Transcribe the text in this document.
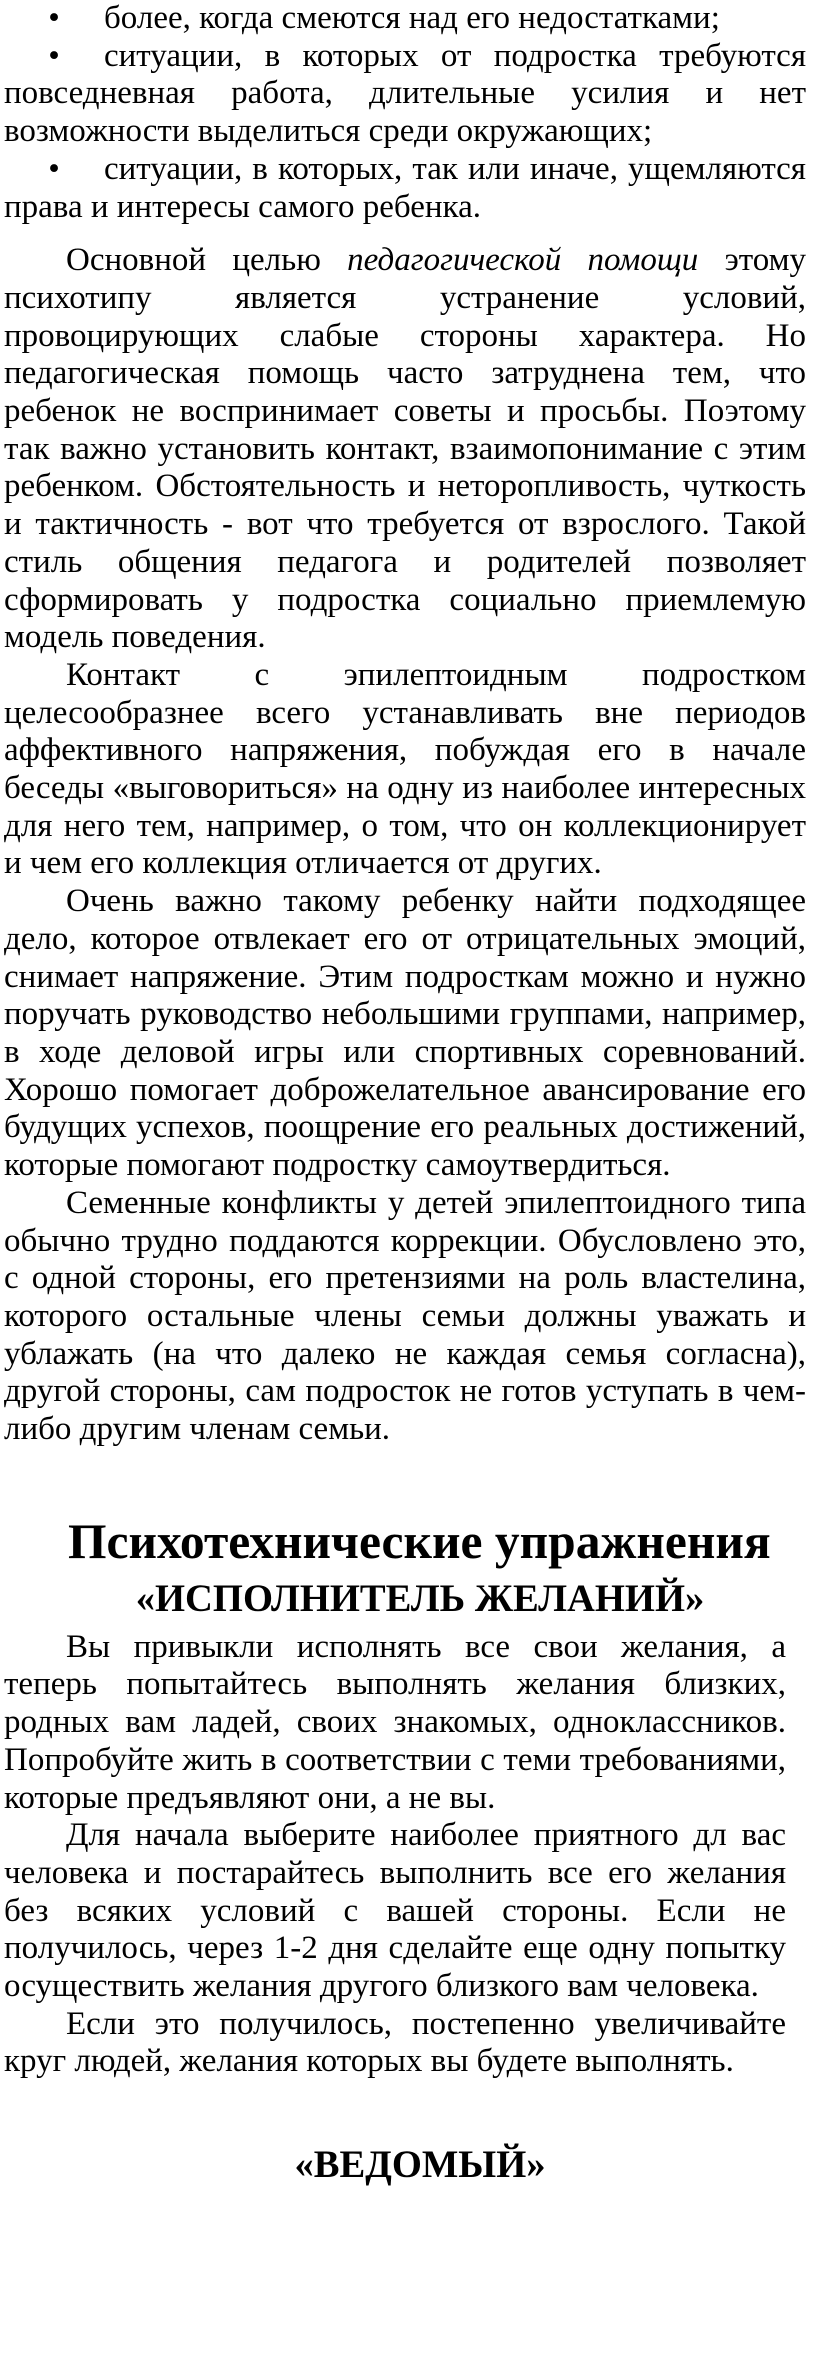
• более, когда смеются над его недостатками;

• ситуации, в которых от подростка требуются повседневная работа, длительные усилия и нет возможности выделиться среди окружающих;

• ситуации, в которых, так или иначе, ущемляются права и интересы самого ребенка.

Основной целью педагогической помощи этому психотипу является устранение условий, провоцирующих слабые стороны характера. Но педагогическая помощь часто затруднена тем, что ребенок не воспринимает советы и просьбы. Поэтому так важно установить контакт, взаимопонимание с этим ребенком. Обстоятельность и неторопливость, чуткость и тактичность - вот что требуется от взрослого. Такой стиль общения педагога и родителей позволяет сформировать у подростка социально приемлемую модель поведения.

Контакт с эпилептоидным подростком целесообразнее всего устанавливать вне периодов аффективного напряжения, побуждая его в начале беседы «выговориться» на одну из наиболее интересных для него тем, например, о том, что он коллекционирует и чем его коллекция отличается от других.

Очень важно такому ребенку найти подходящее дело, которое отвлекает его от отрицательных эмоций, снимает напряжение. Этим подросткам можно и нужно поручать руководство небольшими группами, например, в ходе деловой игры или спортивных соревнований. Хорошо помогает доброжелательное авансирование его будущих успехов, поощрение его реальных достижений, которые помогают подростку самоутвердиться.

Семенные конфликты у детей эпилептоидного типа обычно трудно поддаются коррекции. Обусловлено это, с одной стороны, его претензиями на роль властелина, которого остальные члены семьи должны уважать и ублажать (на что далеко не каждая семья согласна), другой стороны, сам подросток не готов уступать в чем-либо другим членам семьи.

Психотехнические упражнения
«ИСПОЛНИТЕЛЬ ЖЕЛАНИЙ»

Вы привыкли исполнять все свои желания, а теперь попытайтесь выполнять желания близких, родных вам ладей, своих знакомых, одноклассников. Попробуйте жить в соответствии с теми требованиями, которые предъявляют они, а не вы.

Для начала выберите наиболее приятного дл вас человека и постарайтесь выполнить все его желания без всяких условий с вашей стороны. Если не получилось, через 1-2 дня сделайте еще одну попытку осуществить желания другого близкого вам человека.

Если это получилось, постепенно увеличивайте круг людей, желания которых вы будете выполнять.

«ВЕДОМЫЙ»
